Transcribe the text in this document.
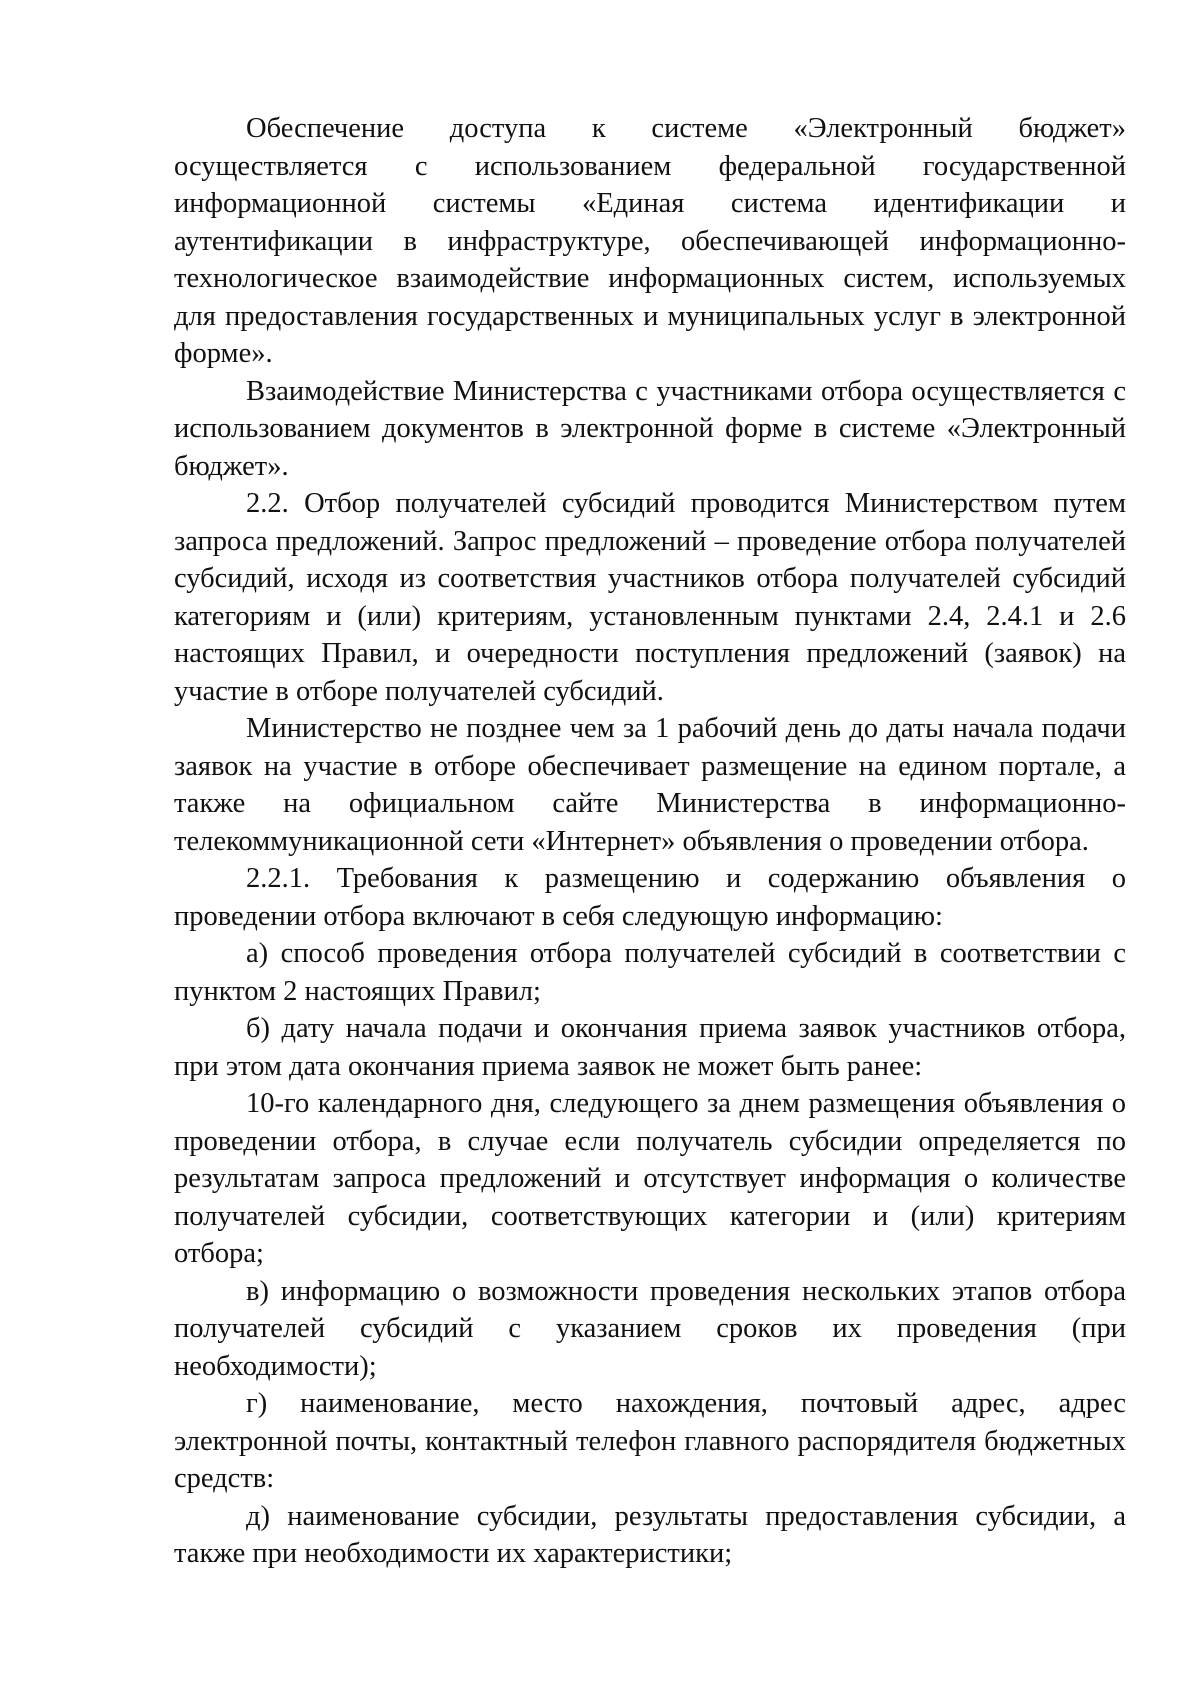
Обеспечение доступа к системе «Электронный бюджет» осуществляется с использованием федеральной государственной информационной системы «Единая система идентификации и аутентификации в инфраструктуре, обеспечивающей информационно-технологическое взаимодействие информационных систем, используемых для предоставления государственных и муниципальных услуг в электронной форме».

Взаимодействие Министерства с участниками отбора осуществляется с использованием документов в электронной форме в системе «Электронный бюджет».

2.2. Отбор получателей субсидий проводится Министерством путем запроса предложений. Запрос предложений – проведение отбора получателей субсидий, исходя из соответствия участников отбора получателей субсидий категориям и (или) критериям, установленным пунктами 2.4, 2.4.1 и 2.6 настоящих Правил, и очередности поступления предложений (заявок) на участие в отборе получателей субсидий.

Министерство не позднее чем за 1 рабочий день до даты начала подачи заявок на участие в отборе обеспечивает размещение на едином портале, а также на официальном сайте Министерства в информационно-телекоммуникационной сети «Интернет» объявления о проведении отбора.

2.2.1. Требования к размещению и содержанию объявления о проведении отбора включают в себя следующую информацию:

а) способ проведения отбора получателей субсидий в соответствии с пунктом 2 настоящих Правил;

б) дату начала подачи и окончания приема заявок участников отбора, при этом дата окончания приема заявок не может быть ранее:

10-го календарного дня, следующего за днем размещения объявления о проведении отбора, в случае если получатель субсидии определяется по результатам запроса предложений и отсутствует информация о количестве получателей субсидии, соответствующих категории и (или) критериям отбора;

в) информацию о возможности проведения нескольких этапов отбора получателей субсидий с указанием сроков их проведения (при необходимости);

г) наименование, место нахождения, почтовый адрес, адрес электронной почты, контактный телефон главного распорядителя бюджетных средств:

д) наименование субсидии, результаты предоставления субсидии, а также при необходимости их характеристики;
